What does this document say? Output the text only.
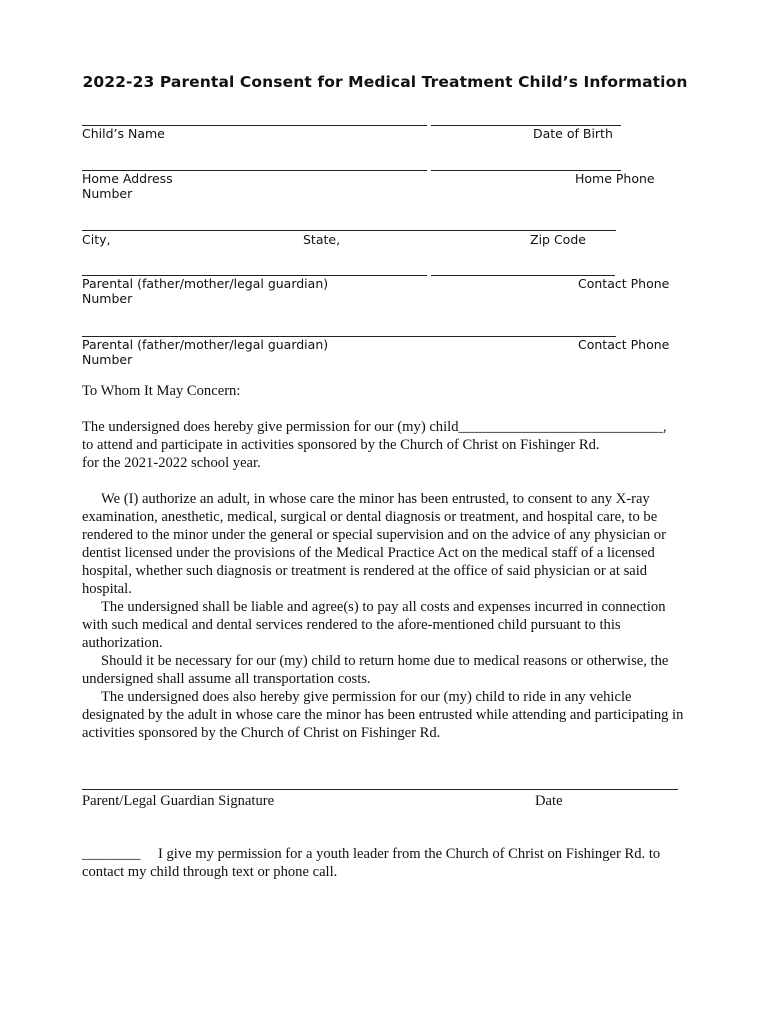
2022-23 Parental Consent for Medical Treatment Child’s Information
Child’s Name	Date of Birth
Home Address	Home Phone
Number
City,	State,	Zip Code
Parental (father/mother/legal guardian)	Contact Phone
Number
Parental (father/mother/legal guardian)	Contact Phone
Number
To Whom It May Concern:

The undersigned does hereby give permission for our (my) child____________________________,

to attend and participate in activities sponsored by the Church of Christ on Fishinger Rd.

for the 2021-2022 school year.

We (I) authorize an adult, in whose care the minor has been entrusted, to consent to any X-ray examination, anesthetic, medical, surgical or dental diagnosis or treatment, and hospital care, to be rendered to the minor under the general or special supervision and on the advice of any physician or dentist licensed under the provisions of the Medical Practice Act on the medical staff of a licensed hospital, whether such diagnosis or treatment is rendered at the office of said physician or at said hospital.

The undersigned shall be liable and agree(s) to pay all costs and expenses incurred in connection with such medical and dental services rendered to the afore-mentioned child pursuant to this authorization.

Should it be necessary for our (my) child to return home due to medical reasons or otherwise, the undersigned shall assume all transportation costs.

The undersigned does also hereby give permission for our (my) child to ride in any vehicle designated by the adult in whose care the minor has been entrusted while attending and participating in activities sponsored by the Church of Christ on Fishinger Rd.

Parent/Legal Guardian Signature	Date
________ I give my permission for a youth leader from the Church of Christ on Fishinger Rd. to
contact my child through text or phone call.
